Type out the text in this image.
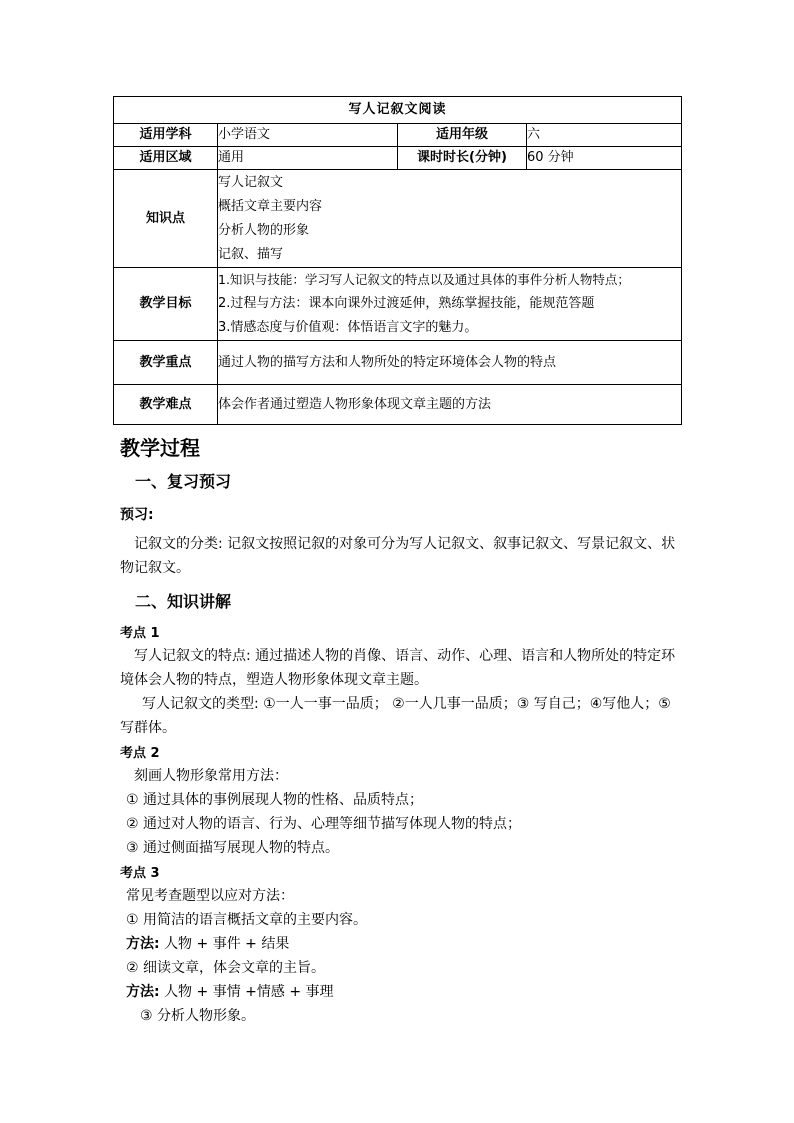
写人记叙文阅读			
适用学科	小学语文	适用年级	六
适用区域	通用	课时时长(分钟)	60 分钟
知识点	写人记叙文
概括文章主要内容
分析人物的形象
记叙、描写		

教学目标	1.知识与技能：学习写人记叙文的特点以及通过具体的事件分析人物特点；
2.过程与方法：课本向课外过渡延伸，熟练掌握技能，能规范答题
3.情感态度与价值观：体悟语言文字的魅力。		

教学重点	通过人物的描写方法和人物所处的特定环境体会人物的特点		
教学难点	体会作者通过塑造人物形象体现文章主题的方法		
教学过程
一、复习预习
预习:
记叙文的分类: 记叙文按照记叙的对象可分为写人记叙文、叙事记叙文、写景记叙文、状
物记叙文。
二、知识讲解
考点 1
写人记叙文的特点: 通过描述人物的肖像、语言、动作、心理、语言和人物所处的特定环
境体会人物的特点，塑造人物形象体现文章主题。
写人记叙文的类型: ①一人一事一品质； ②一人几事一品质；③ 写自己；④写他人；⑤
写群体。
考点 2
刻画人物形象常用方法：
① 通过具体的事例展现人物的性格、品质特点；
② 通过对人物的语言、行为、心理等细节描写体现人物的特点；
③ 通过侧面描写展现人物的特点。
考点 3
常见考查题型以应对方法：
① 用简洁的语言概括文章的主要内容。
方法: 人物 + 事件 + 结果
② 细读文章，体会文章的主旨。
方法: 人物 + 事情 +情感 + 事理
③ 分析人物形象。
